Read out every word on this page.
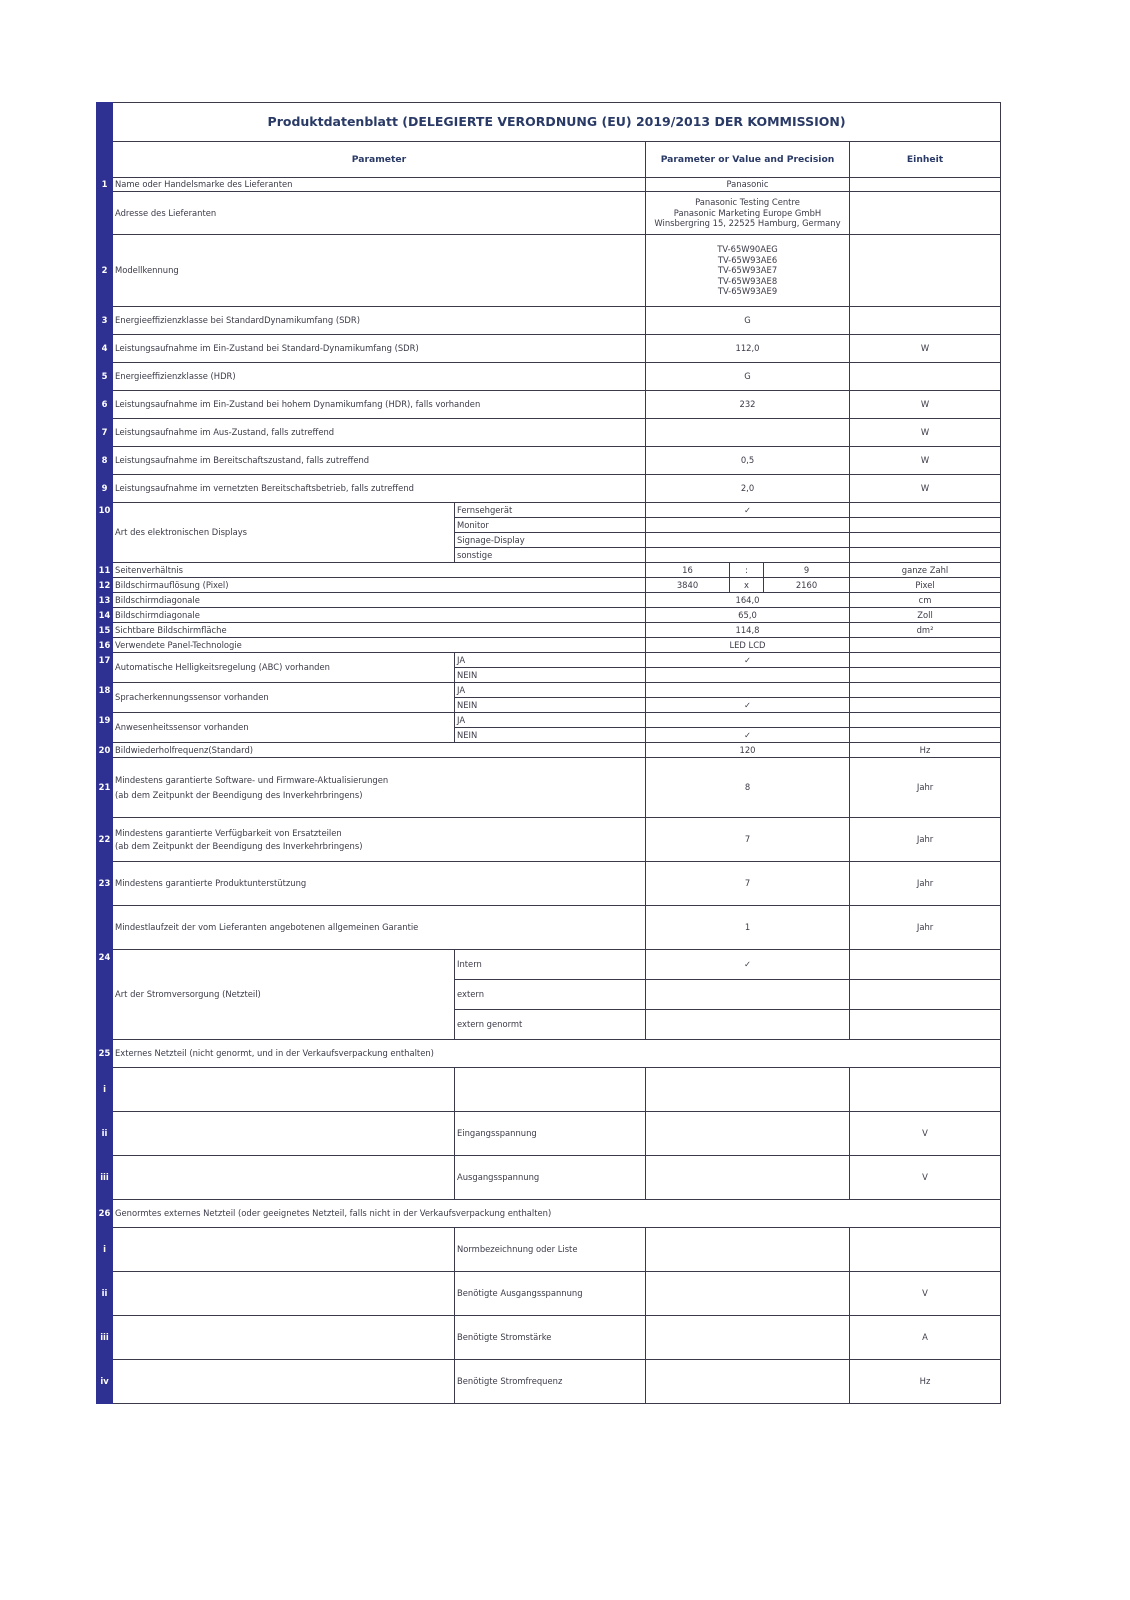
	Produktdatenblatt (DELEGIERTE VERORDNUNG (EU) 2019/2013 DER KOMMISSION)					
	Parameter		Parameter or Value and Precision			Einheit
1	Name oder Handelsmarke des Lieferanten		Panasonic			
	Adresse des Lieferanten		Panasonic Testing Centre
Panasonic Marketing Europe GmbH
Winsbergring 15, 22525 Hamburg, Germany			

2	Modellkennung		TV-65W90AEG
TV-65W93AE6
TV-65W93AE7
TV-65W93AE8
TV-65W93AE9			

3	Energieeffizienzklasse bei StandardDynamikumfang (SDR)		G			
4	Leistungsaufnahme im Ein-Zustand bei Standard-Dynamikumfang (SDR)		112,0			W
5	Energieeffizienzklasse (HDR)		G			
6	Leistungsaufnahme im Ein-Zustand bei hohem Dynamikumfang (HDR), falls vorhanden		232			W
7	Leistungsaufnahme im Aus-Zustand, falls zutreffend					W
8	Leistungsaufnahme im Bereitschaftszustand, falls zutreffend		0,5			W
9	Leistungsaufnahme im vernetzten Bereitschaftsbetrieb, falls zutreffend		2,0			W
10	Art des elektronischen Displays	Fernsehgerät	✓			
		Monitor				
		Signage-Display				
		sonstige				
11	Seitenverhältnis		16	:	9	ganze Zahl
12	Bildschirmauflösung (Pixel)		3840	x	2160	Pixel
13	Bildschirmdiagonale		164,0			cm
14	Bildschirmdiagonale		65,0			Zoll
15	Sichtbare Bildschirmfläche		114,8			dm²
16	Verwendete Panel-Technologie		LED LCD			
17	Automatische Helligkeitsregelung (ABC) vorhanden	JA	✓			
		NEIN				
18	Spracherkennungssensor vorhanden	JA				
		NEIN	✓			
19	Anwesenheitssensor vorhanden	JA				
		NEIN	✓			
20	Bildwiederholfrequenz(Standard)		120			Hz
21	Mindestens garantierte Software- und Firmware-Aktualisierungen
(ab dem Zeitpunkt der Beendigung des Inverkehrbringens)		8			Jahr
22	Mindestens garantierte Verfügbarkeit von Ersatzteilen
(ab dem Zeitpunkt der Beendigung des Inverkehrbringens)		7			Jahr
23	Mindestens garantierte Produktunterstützung		7			Jahr
	Mindestlaufzeit der vom Lieferanten angebotenen allgemeinen Garantie		1			Jahr
24	Art der Stromversorgung (Netzteil)	Intern	✓			
		extern				
		extern genormt				
25	Externes Netzteil (nicht genormt, und in der Verkaufsverpackung enthalten)					
i						
ii		Eingangsspannung				V
iii		Ausgangsspannung				V
26	Genormtes externes Netzteil (oder geeignetes Netzteil, falls nicht in der Verkaufsverpackung enthalten)					
i		Normbezeichnung oder Liste				
ii		Benötigte Ausgangsspannung				V
iii		Benötigte Stromstärke				A
iv		Benötigte Stromfrequenz				Hz
